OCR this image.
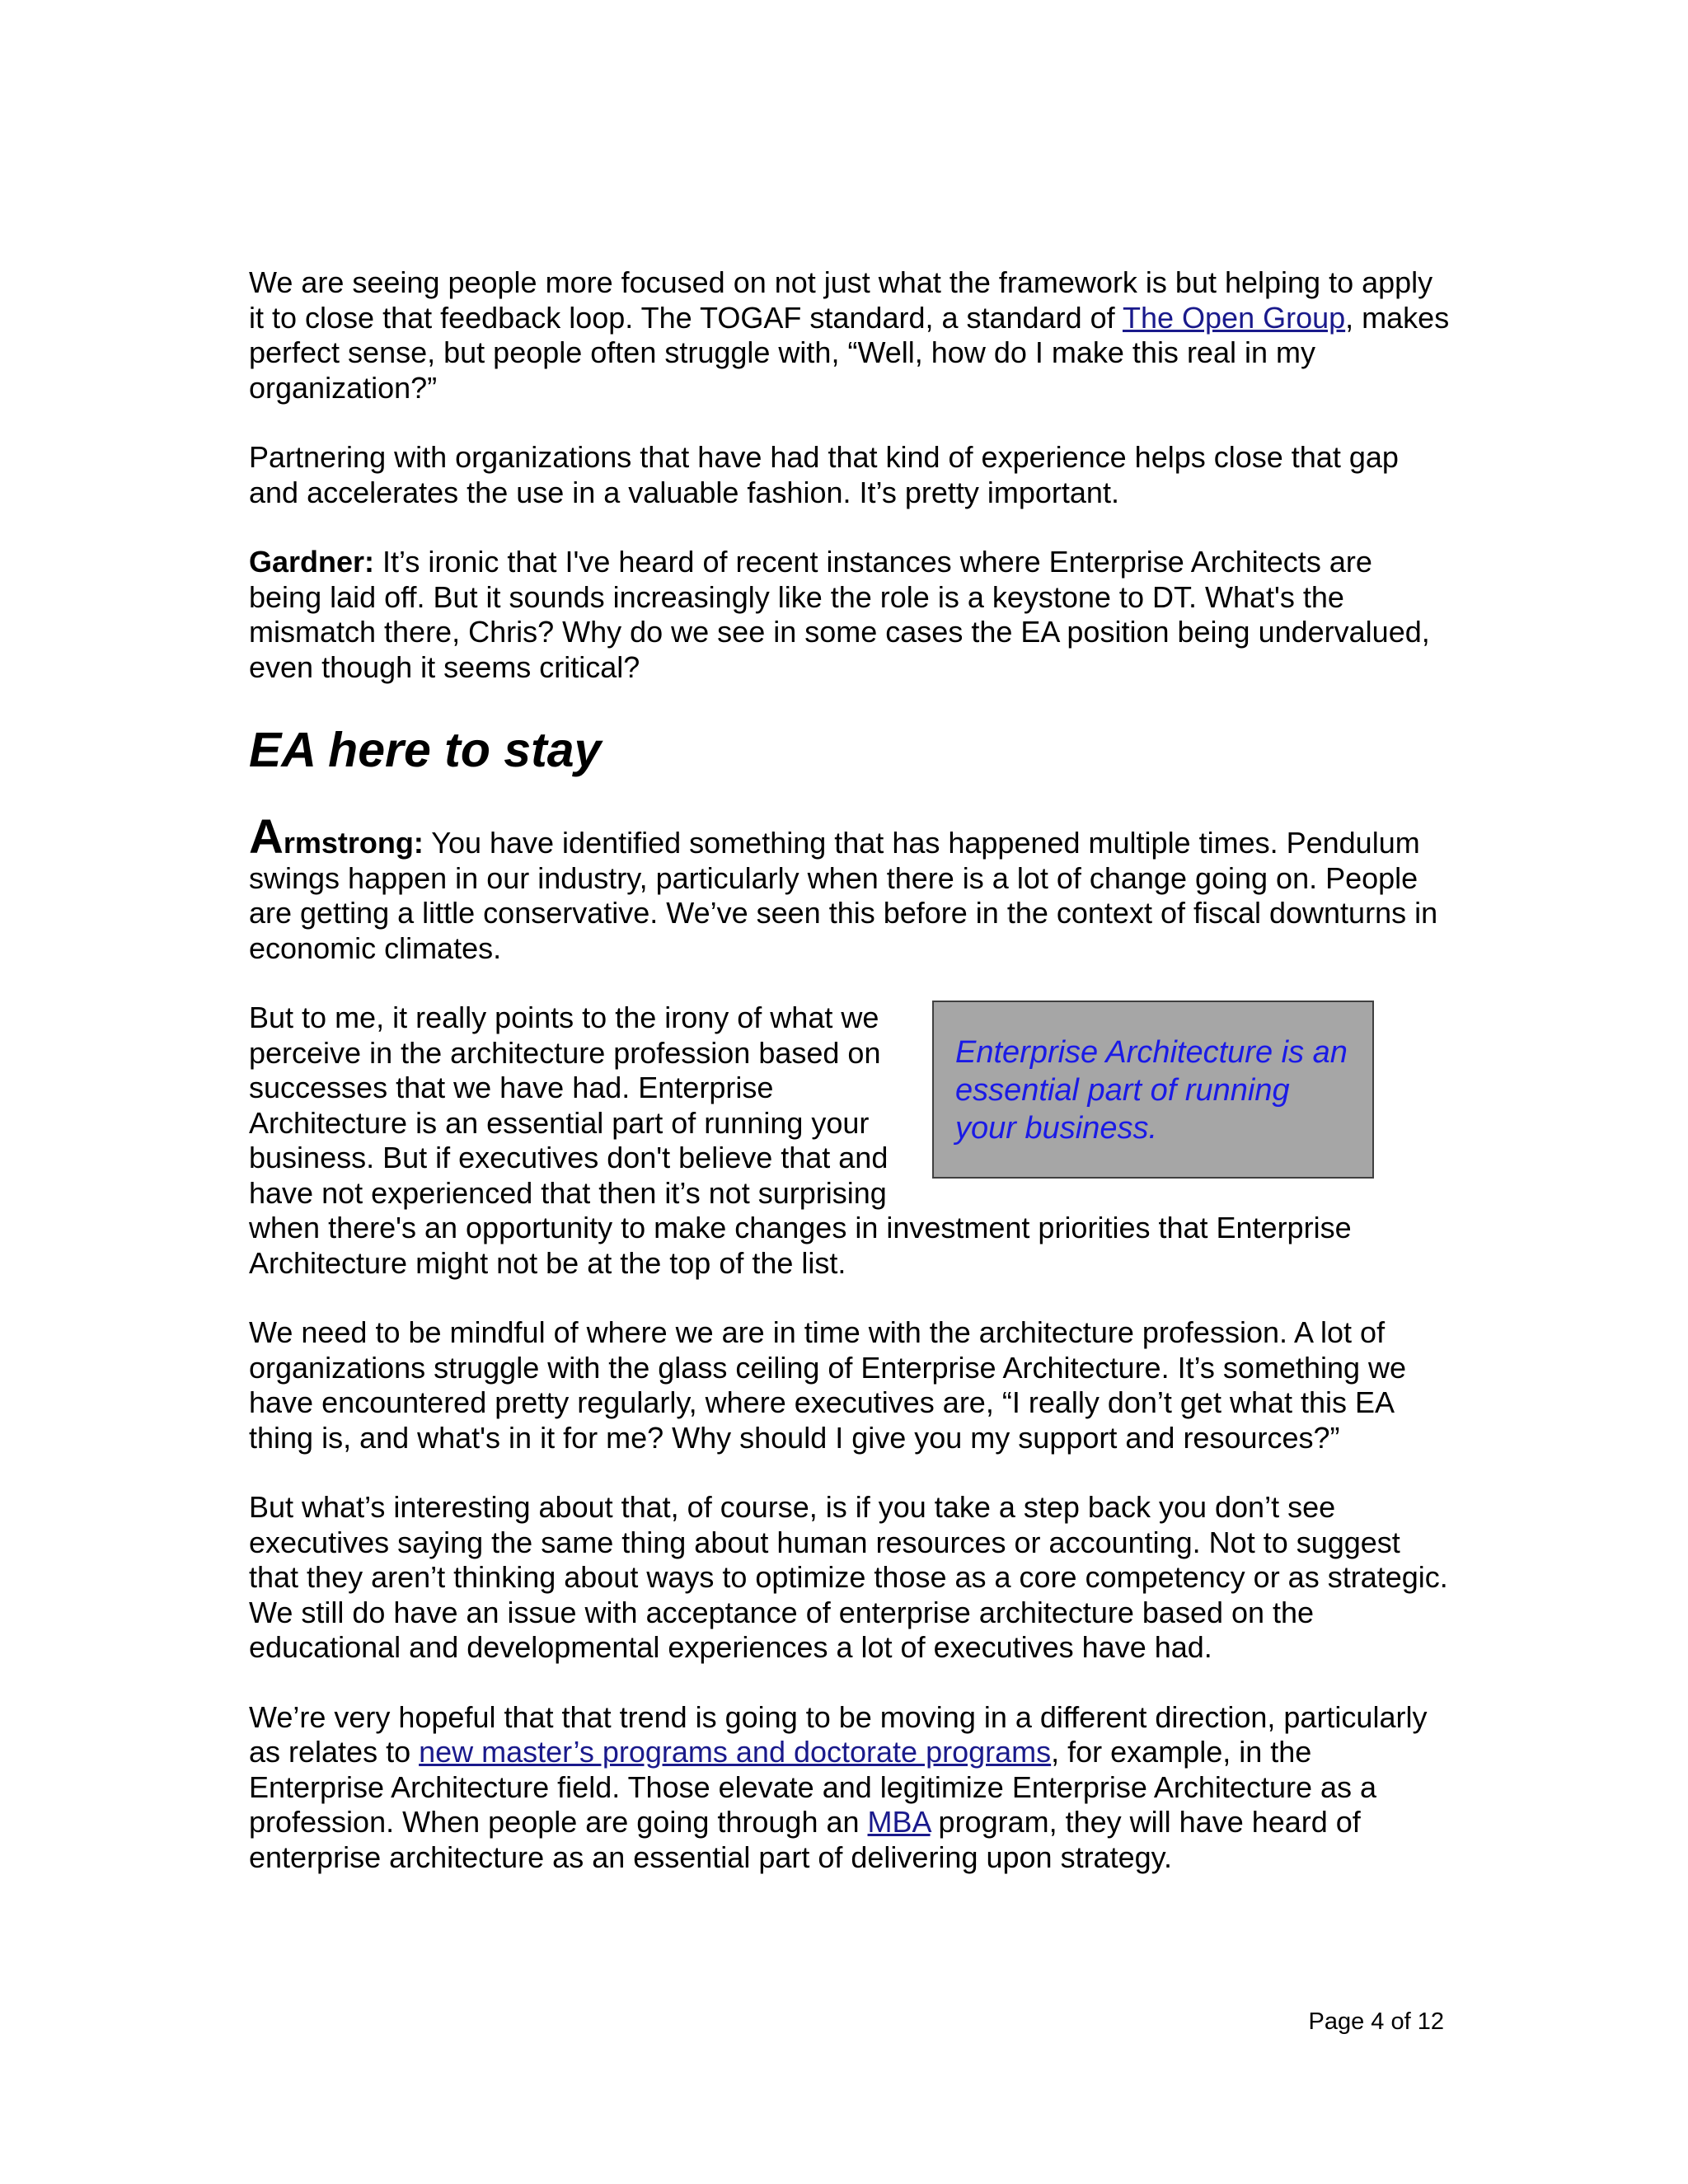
We are seeing people more focused on not just what the framework is but helping to apply it to close that feedback loop. The TOGAF standard, a standard of The Open Group, makes perfect sense, but people often struggle with, “Well, how do I make this real in my organization?”

Partnering with organizations that have had that kind of experience helps close that gap and accelerates the use in a valuable fashion. It’s pretty important.

Gardner: It’s ironic that I've heard of recent instances where Enterprise Architects are being laid off. But it sounds increasingly like the role is a keystone to DT. What's the mismatch there, Chris? Why do we see in some cases the EA position being undervalued, even though it seems critical?

EA here to stay

Armstrong: You have identified something that has happened multiple times. Pendulum swings happen in our industry, particularly when there is a lot of change going on. People are getting a little conservative. We’ve seen this before in the context of fiscal downturns in economic climates.

Enterprise Architecture is an essential part of running your business.
But to me, it really points to the irony of what we perceive in the architecture profession based on successes that we have had. Enterprise Architecture is an essential part of running your business. But if executives don't believe that and have not experienced that then it’s not surprising when there's an opportunity to make changes in investment priorities that Enterprise Architecture might not be at the top of the list.

We need to be mindful of where we are in time with the architecture profession. A lot of organizations struggle with the glass ceiling of Enterprise Architecture. It’s something we have encountered pretty regularly, where executives are, “I really don’t get what this EA thing is, and what's in it for me? Why should I give you my support and resources?”

But what’s interesting about that, of course, is if you take a step back you don’t see executives saying the same thing about human resources or accounting. Not to suggest that they aren’t thinking about ways to optimize those as a core competency or as strategic. We still do have an issue with acceptance of enterprise architecture based on the educational and developmental experiences a lot of executives have had.

We’re very hopeful that that trend is going to be moving in a different direction, particularly as relates to new master’s programs and doctorate programs, for example, in the Enterprise Architecture field. Those elevate and legitimize Enterprise Architecture as a profession. When people are going through an MBA program, they will have heard of enterprise architecture as an essential part of delivering upon strategy.

Page 4 of 12
